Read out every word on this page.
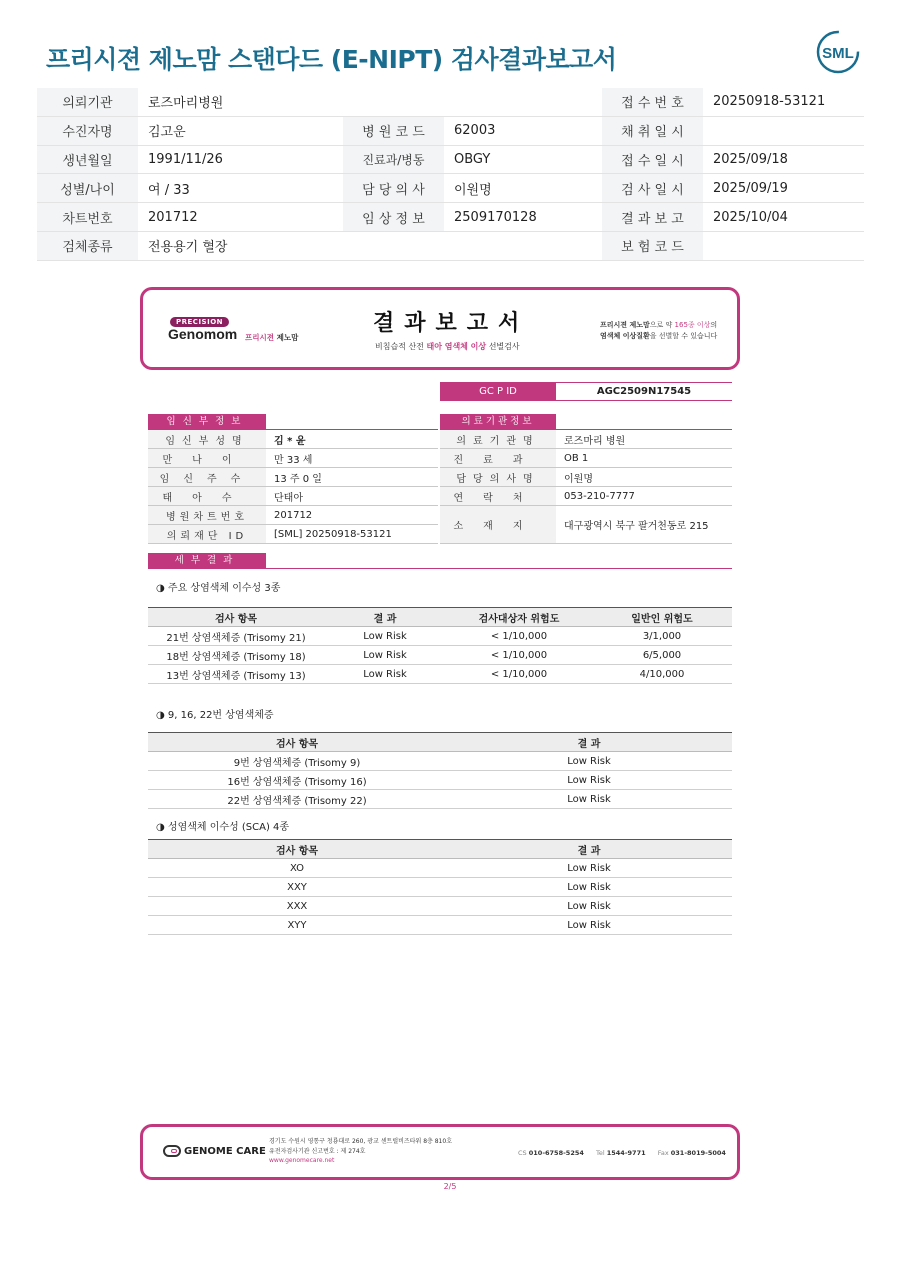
프리시젼 제노맘 스탠다드 (E-NIPT) 검사결과보고서	SML
의뢰기관	로즈마리병원			접 수 번 호	20250918-53121
수진자명	김고운	병 원 코 드	62003	채 취 일 시	
생년월일	1991/11/26	진료과/병동	OBGY	접 수 일 시	2025/09/18
성별/나이	여 / 33	담 당 의 사	이원명	검 사 일 시	2025/09/19
차트번호	201712	임 상 정 보	2509170128	결 과 보 고	2025/10/04
검체종류	전용용기 혈장			보 험 코 드	
PRECISION
Genomom 프리시젼 제노맘
결과보고서
비침습적 산전 태아 염색체 이상 선별검사
프리시젼 제노맘으로 약 165종 이상의
염색체 이상질환을 선별할 수 있습니다
GC P ID	AGC2509N17545
임신부정보	의료기관정보
임신부성명	김 * 윤
만나이	만 33 세
임신주수	13 주 0 일
태아수	단태아
병원차트번호	201712
의뢰재단 ID	[SML] 20250918-53121
의료기관명	로즈마리 병원
진료과	OB 1
담당의사명	이원명
연락처	053-210-7777
소재지	대구광역시 북구 팔거천동로 215
세부결과
◑ 주요 상염색체 이수성 3종
검사 항목	결 과	검사대상자 위험도	일반인 위험도
21번 상염색체증 (Trisomy 21)	Low Risk	< 1/10,000	3/1,000
18번 상염색체증 (Trisomy 18)	Low Risk	< 1/10,000	6/5,000
13번 상염색체증 (Trisomy 13)	Low Risk	< 1/10,000	4/10,000
◑ 9, 16, 22번 상염색체증
검사 항목	결 과
9번 상염색체증 (Trisomy 9)	Low Risk
16번 상염색체증 (Trisomy 16)	Low Risk
22번 상염색체증 (Trisomy 22)	Low Risk
◑ 성염색체 이수성 (SCA) 4종
검사 항목	결 과
XO	Low Risk
XXY	Low Risk
XXX	Low Risk
XYY	Low Risk
GENOME CARE
경기도 수원시 영통구 청룡대로 260, 광교 센트럴비즈타워 8층 810호
유전자검사기관 신고번호 : 제 274호
www.genomecare.net
CS 010-6758-5254 Tel 1544-9771 Fax 031-8019-5004
2/5
